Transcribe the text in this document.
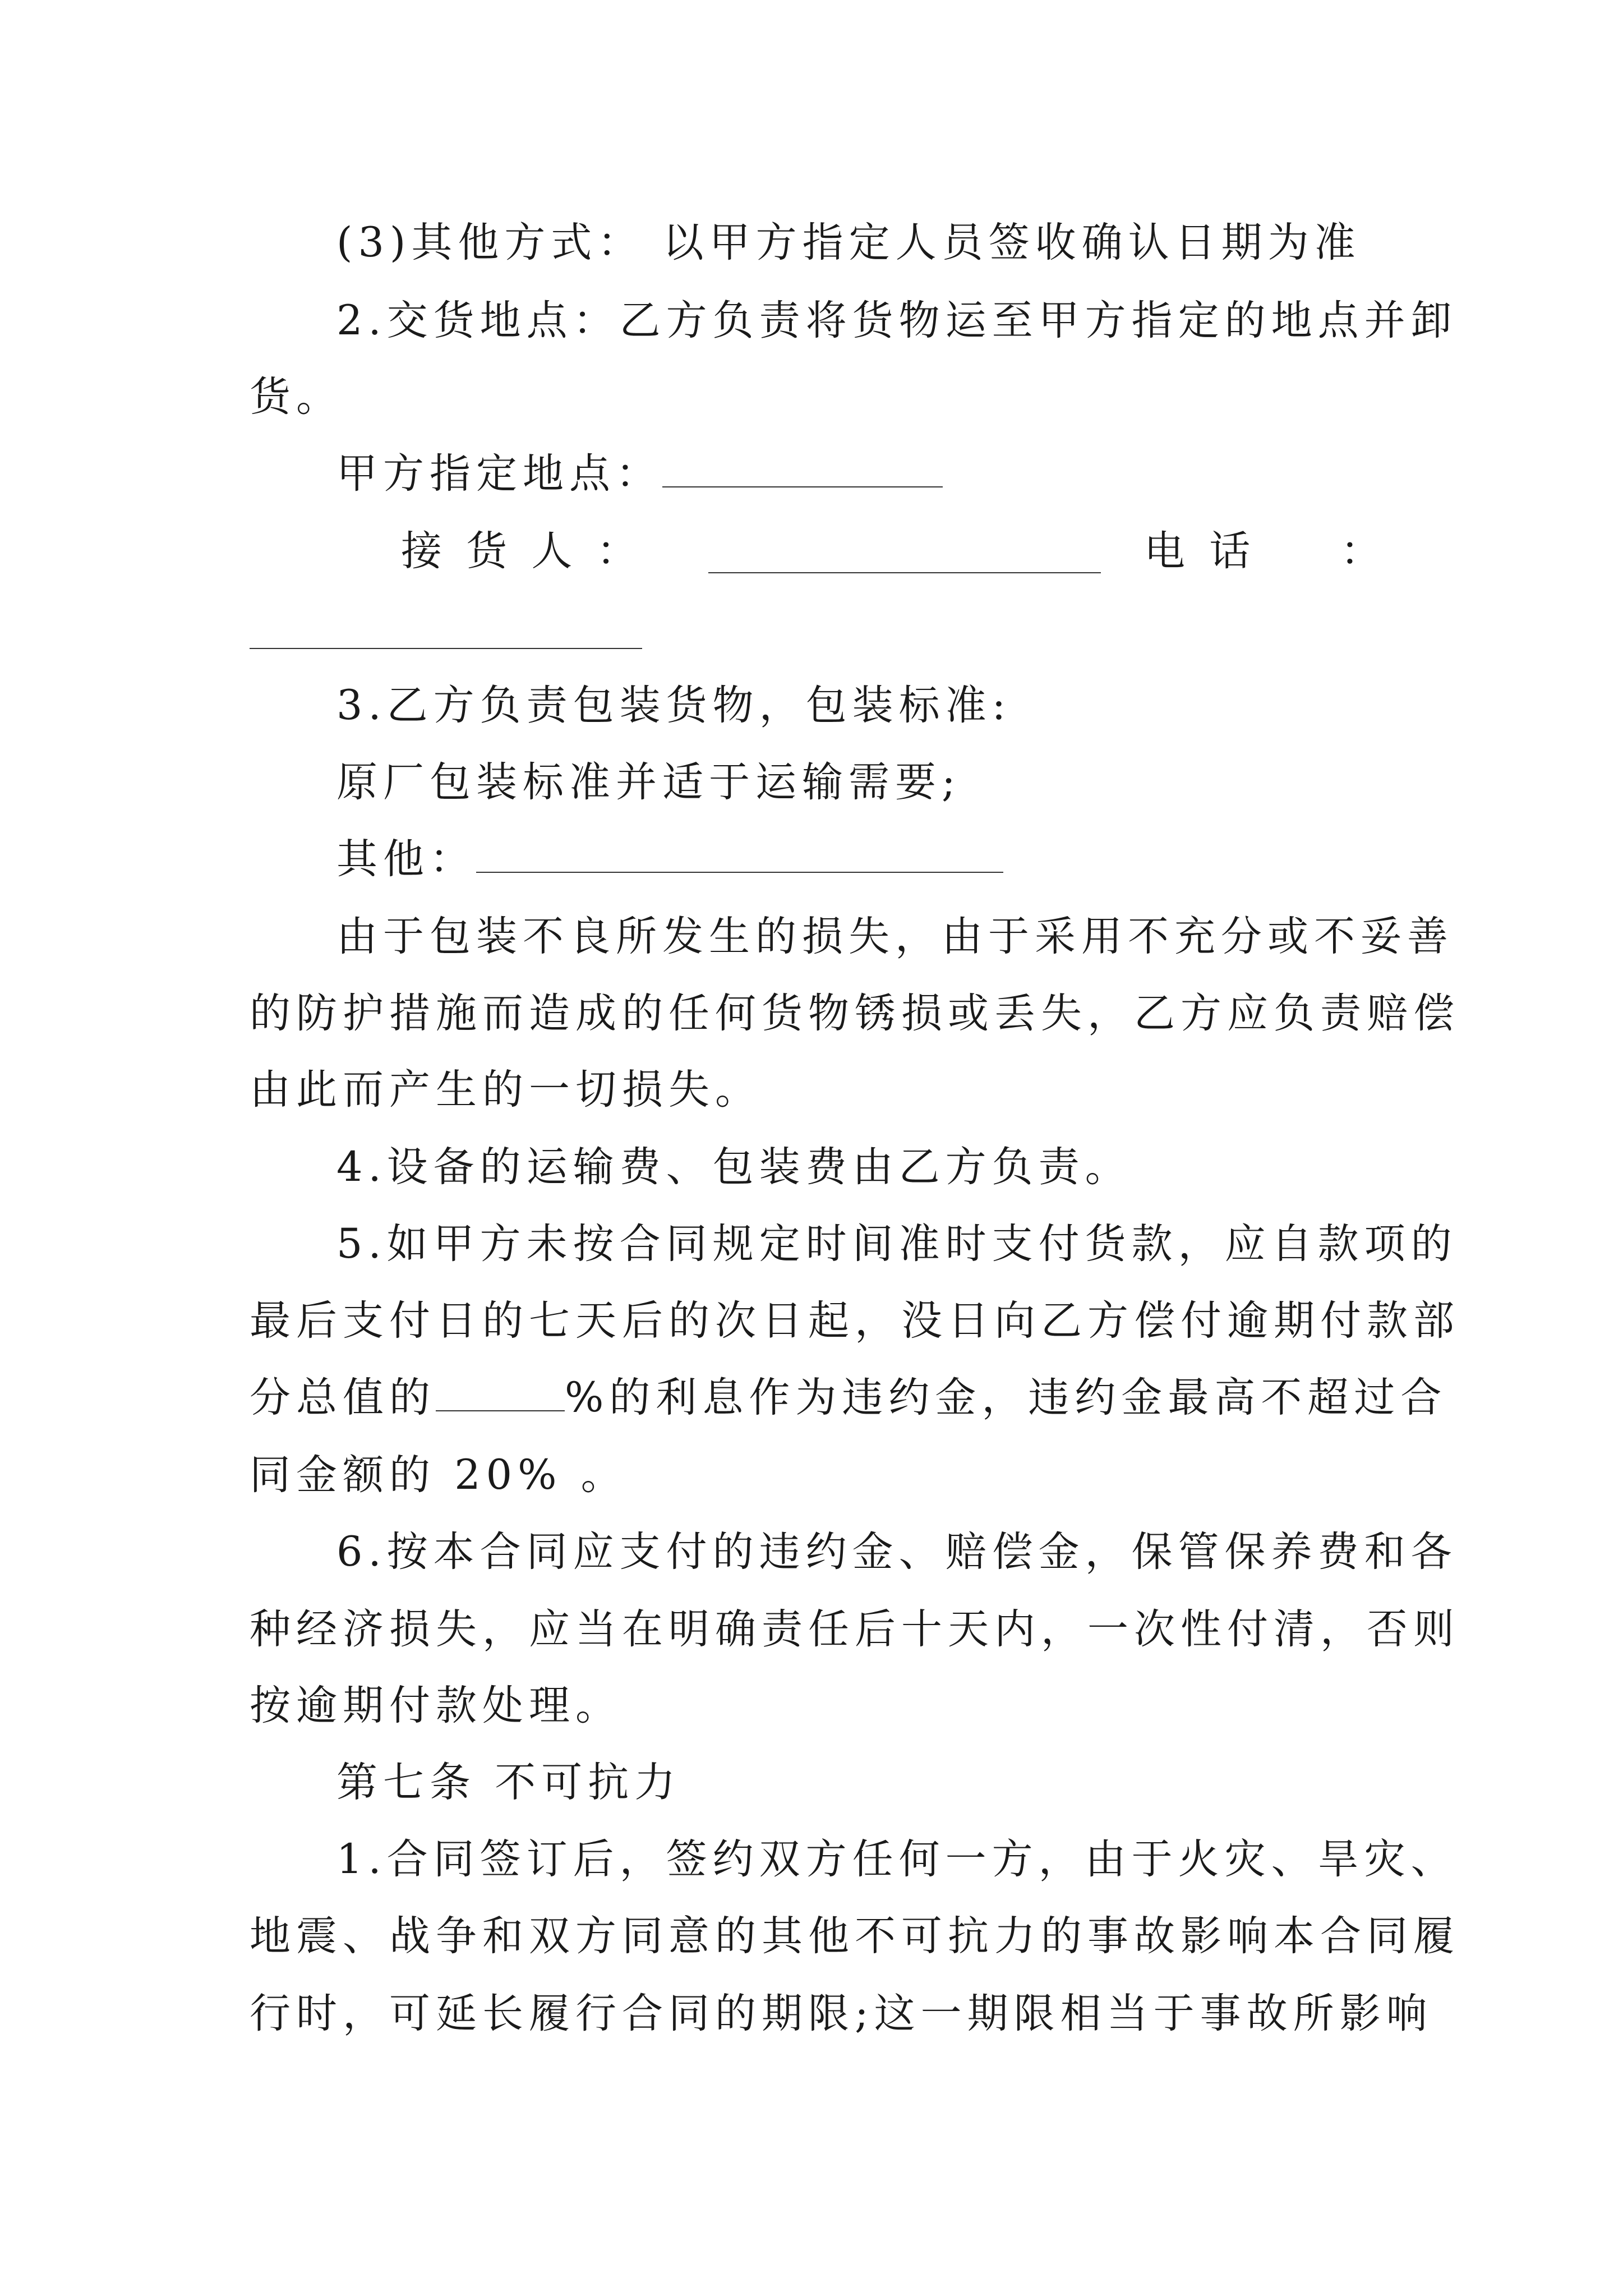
(3)其他方式： 以甲方指定人员签收确认日期为准
2.交货地点：乙方负责将货物运至甲方指定的地点并卸
货。
甲方指定地点：
接 货 人 ：	电 话 ：
3.乙方负责包装货物，包装标准:
原厂包装标准并适于运输需要;
其他：
由于包装不良所发生的损失，由于采用不充分或不妥善
的防护措施而造成的任何货物锈损或丢失，乙方应负责赔偿
由此而产生的一切损失。
4.设备的运输费、包装费由乙方负责。
5.如甲方未按合同规定时间准时支付货款，应自款项的
最后支付日的七天后的次日起，没日向乙方偿付逾期付款部
分总值的	%的利息作为违约金，违约金最高不超过合
同金额的 20% 。
6.按本合同应支付的违约金、赔偿金，保管保养费和各
种经济损失，应当在明确责任后十天内，一次性付清，否则
按逾期付款处理。
第七条 不可抗力
1.合同签订后，签约双方任何一方，由于火灾、旱灾、
地震、战争和双方同意的其他不可抗力的事故影响本合同履
行时，可延长履行合同的期限;这一期限相当于事故所影响
